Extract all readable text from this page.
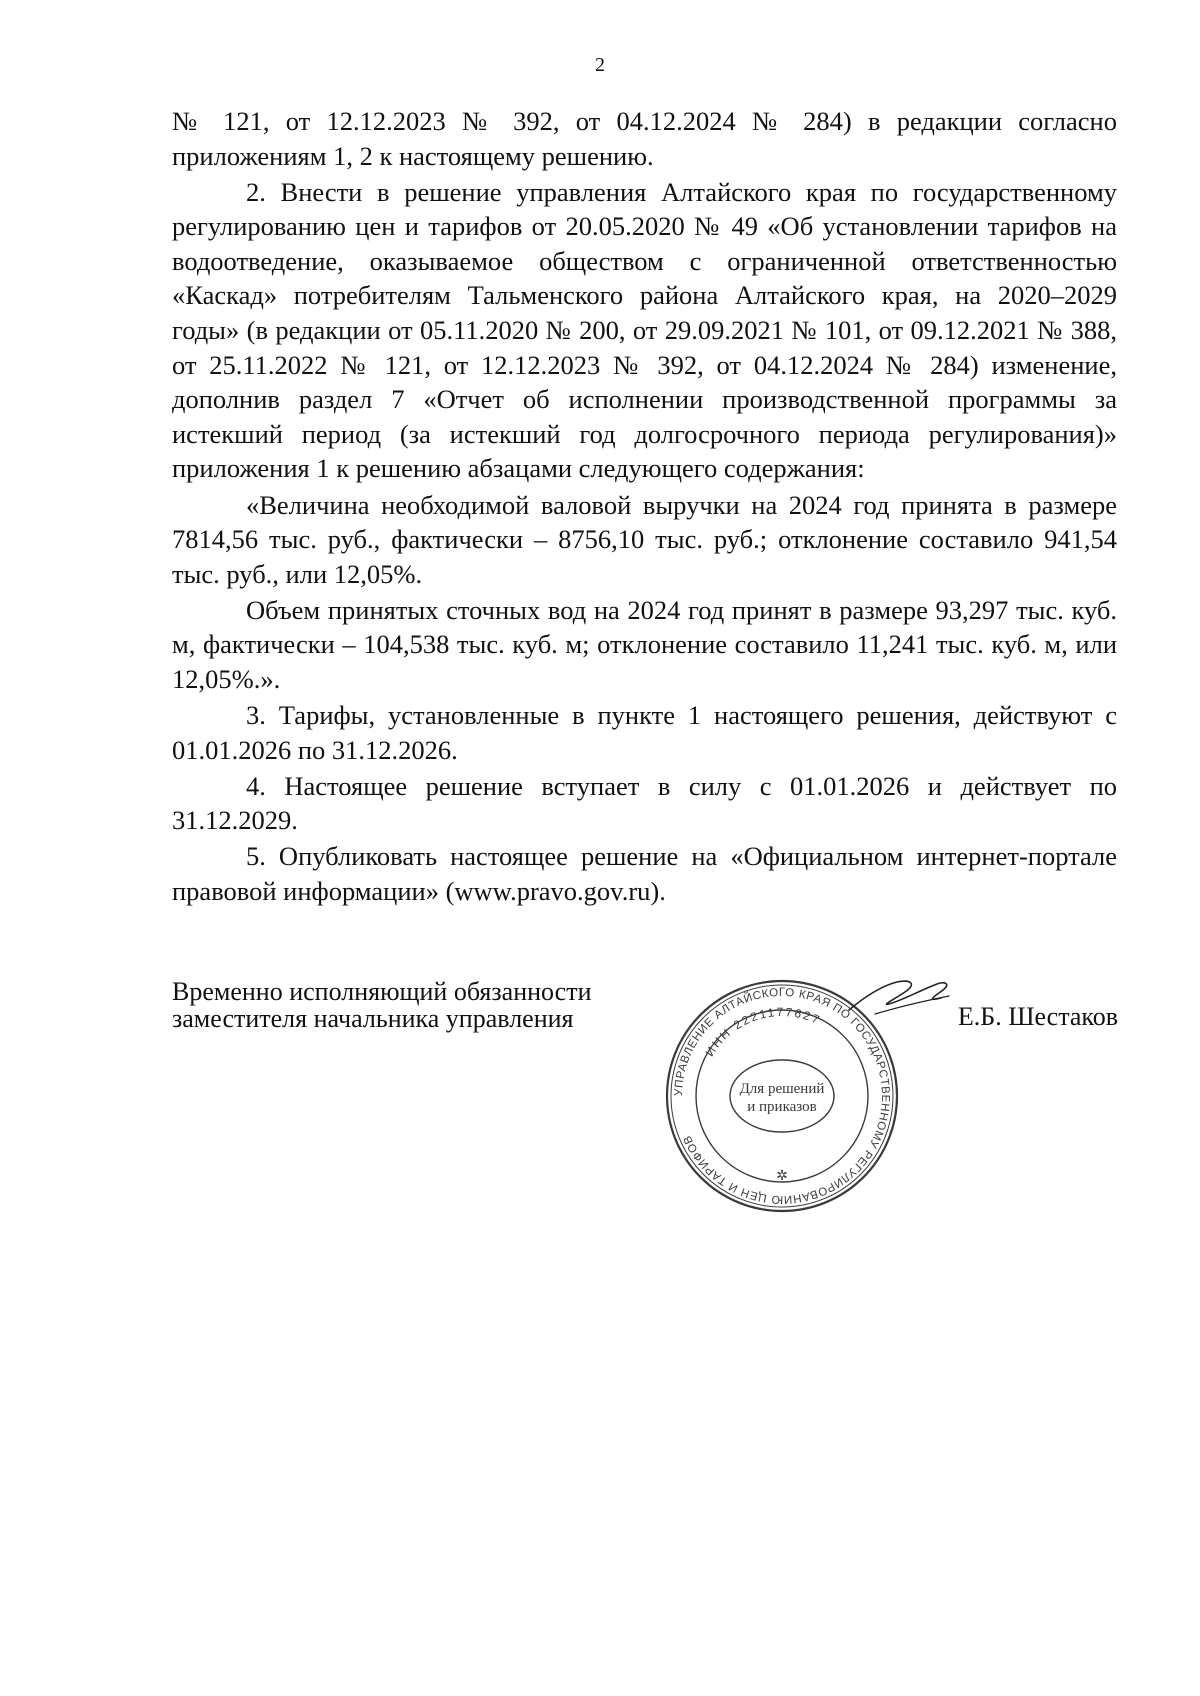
2

№ 121, от 12.12.2023 № 392, от 04.12.2024 № 284) в редакции согласно приложениям 1, 2 к настоящему решению.

2. Внести в решение управления Алтайского края по государственному регулированию цен и тарифов от 20.05.2020 № 49 «Об установлении тарифов на водоотведение, оказываемое обществом с ограниченной ответственностью «Каскад» потребителям Тальменского района Алтайского края, на 2020–2029 годы» (в редакции от 05.11.2020 № 200, от 29.09.2021 № 101, от 09.12.2021 № 388, от 25.11.2022 № 121, от 12.12.2023 № 392, от 04.12.2024 № 284) изменение, дополнив раздел 7 «Отчет об исполнении производственной программы за истекший период (за истекший год долгосрочного периода регулирования)» приложения 1 к решению абзацами следующего содержания:

«Величина необходимой валовой выручки на 2024 год принята в размере 7814,56 тыс. руб., фактически – 8756,10 тыс. руб.; отклонение составило 941,54 тыс. руб., или 12,05%.

Объем принятых сточных вод на 2024 год принят в размере 93,297 тыс. куб. м, фактически – 104,538 тыс. куб. м; отклонение составило 11,241 тыс. куб. м, или 12,05%.».

3. Тарифы, установленные в пункте 1 настоящего решения, действуют с 01.01.2026 по 31.12.2026.

4. Настоящее решение вступает в силу с 01.01.2026 и действует по 31.12.2029.

5. Опубликовать настоящее решение на «Официальном интернет-портале правовой информации» (www.pravo.gov.ru).

Временно исполняющий обязанности
заместителя начальника управления
УПРАВЛЕНИЕ АЛТАЙСКОГО КРАЯ ПО ГОСУДАРСТВЕННОМУ РЕГУЛИРОВАНИЮ ЦЕН И ТАРИФОВ
ИНН 2221177627
Для решений
и приказов
✲
Е.Б. Шестаков
